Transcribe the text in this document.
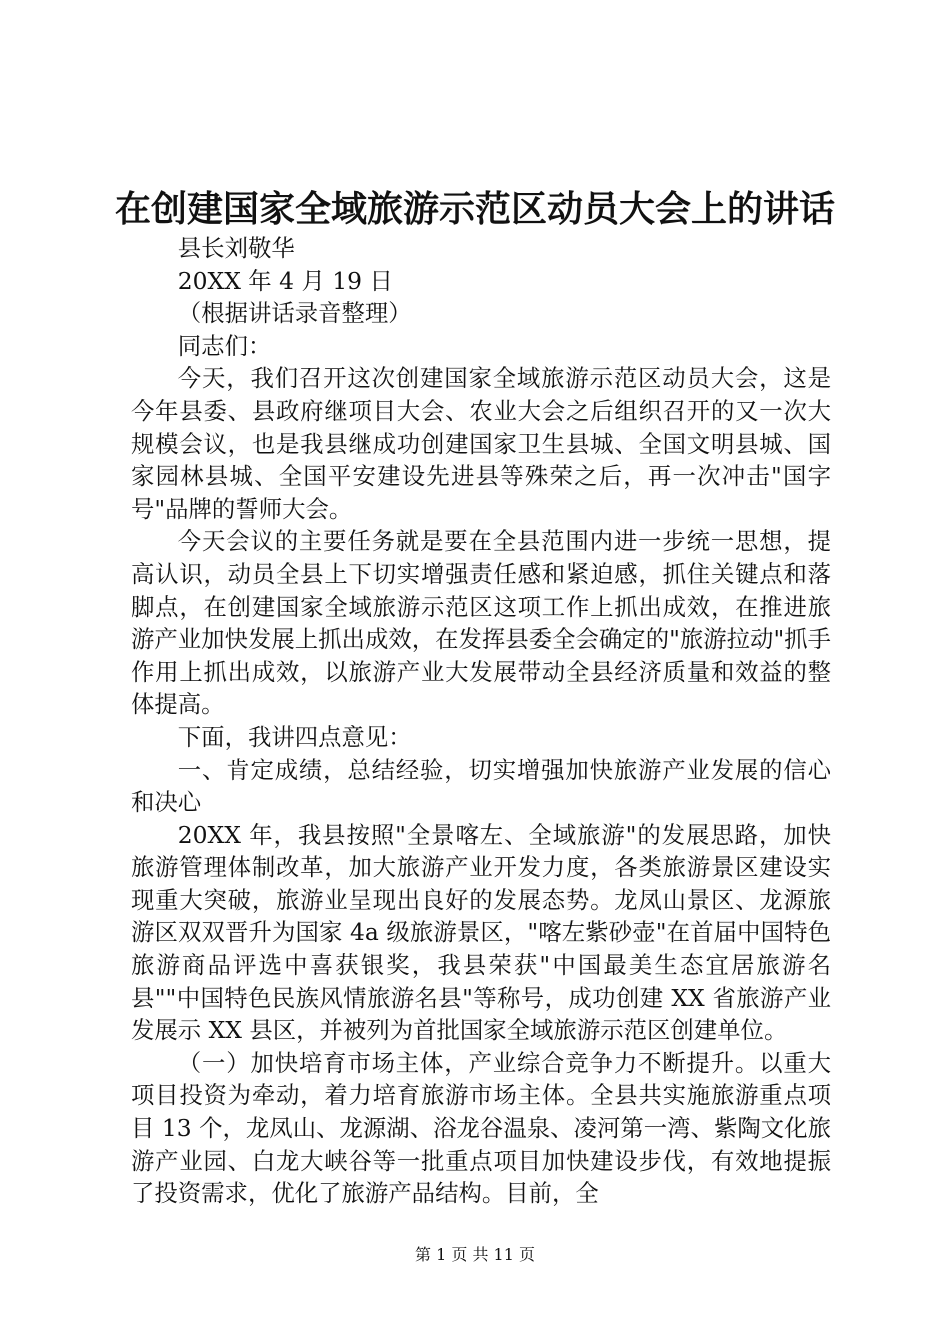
在创建国家全域旅游示范区动员大会上的讲话

县长刘敬华

20XX 年 4 月 19 日

（根据讲话录音整理）

同志们：

今天，我们召开这次创建国家全域旅游示范区动员大会，这是今年县委、县政府继项目大会、农业大会之后组织召开的又一次大规模会议，也是我县继成功创建国家卫生县城、全国文明县城、国家园林县城、全国平安建设先进县等殊荣之后，再一次冲击"国字号"品牌的誓师大会。

今天会议的主要任务就是要在全县范围内进一步统一思想，提高认识，动员全县上下切实增强责任感和紧迫感，抓住关键点和落脚点，在创建国家全域旅游示范区这项工作上抓出成效，在推进旅游产业加快发展上抓出成效，在发挥县委全会确定的"旅游拉动"抓手作用上抓出成效，以旅游产业大发展带动全县经济质量和效益的整体提高。

下面，我讲四点意见：

一、肯定成绩，总结经验，切实增强加快旅游产业发展的信心和决心

20XX 年，我县按照"全景喀左、全域旅游"的发展思路，加快旅游管理体制改革，加大旅游产业开发力度，各类旅游景区建设实现重大突破，旅游业呈现出良好的发展态势。龙凤山景区、龙源旅游区双双晋升为国家 4a 级旅游景区，"喀左紫砂壶"在首届中国特色旅游商品评选中喜获银奖，我县荣获"中国最美生态宜居旅游名县""中国特色民族风情旅游名县"等称号，成功创建 XX 省旅游产业发展示 XX 县区，并被列为首批国家全域旅游示范区创建单位。

（一）加快培育市场主体，产业综合竞争力不断提升。以重大项目投资为牵动，着力培育旅游市场主体。全县共实施旅游重点项目 13 个，龙凤山、龙源湖、浴龙谷温泉、凌河第一湾、紫陶文化旅游产业园、白龙大峡谷等一批重点项目加快建设步伐，有效地提振了投资需求，优化了旅游产品结构。目前，全

第 1 页 共 11 页
